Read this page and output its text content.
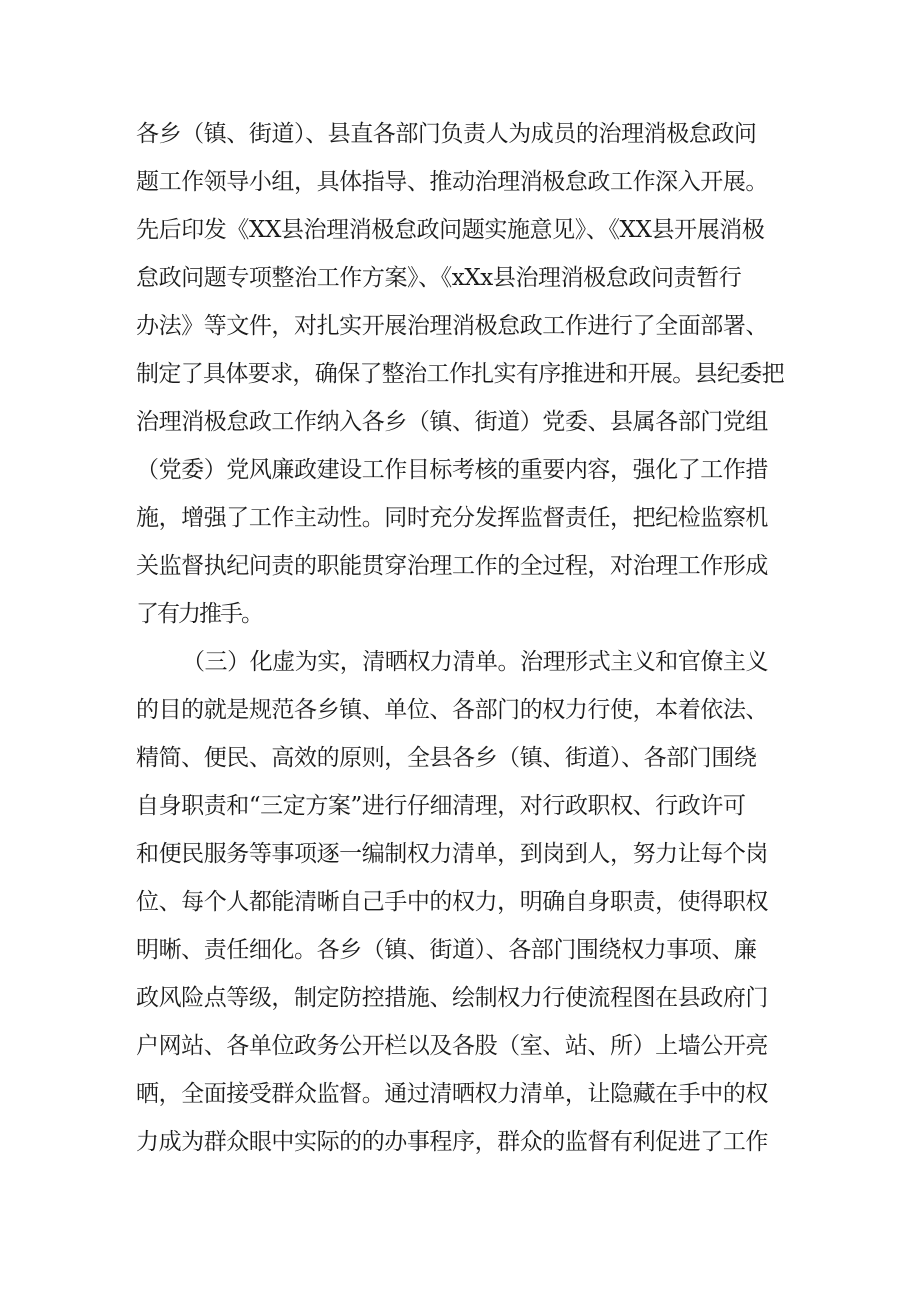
各乡（镇、街道）、县直各部门负责人为成员的治理消极怠政问
题工作领导小组，具体指导、推动治理消极怠政工作深入开展。
先后印发《XX县治理消极怠政问题实施意见》、《XX县开展消极
怠政问题专项整治工作方案》、《xXx县治理消极怠政问责暂行
办法》等文件，对扎实开展治理消极怠政工作进行了全面部署、
制定了具体要求，确保了整治工作扎实有序推进和开展。县纪委把
治理消极怠政工作纳入各乡（镇、街道）党委、县属各部门党组
（党委）党风廉政建设工作目标考核的重要内容，强化了工作措
施，增强了工作主动性。同时充分发挥监督责任，把纪检监察机
关监督执纪问责的职能贯穿治理工作的全过程，对治理工作形成
了有力推手。
（三）化虚为实，清晒权力清单。治理形式主义和官僚主义
的目的就是规范各乡镇、单位、各部门的权力行使，本着依法、
精简、便民、高效的原则，全县各乡（镇、街道）、各部门围绕
自身职责和“三定方案”进行仔细清理，对行政职权、行政许可
和便民服务等事项逐一编制权力清单，到岗到人，努力让每个岗
位、每个人都能清晰自己手中的权力，明确自身职责，使得职权
明晰、责任细化。各乡（镇、街道）、各部门围绕权力事项、廉
政风险点等级，制定防控措施、绘制权力行使流程图在县政府门
户网站、各单位政务公开栏以及各股（室、站、所）上墙公开亮
晒，全面接受群众监督。通过清晒权力清单，让隐藏在手中的权
力成为群众眼中实际的的办事程序，群众的监督有利促进了工作
